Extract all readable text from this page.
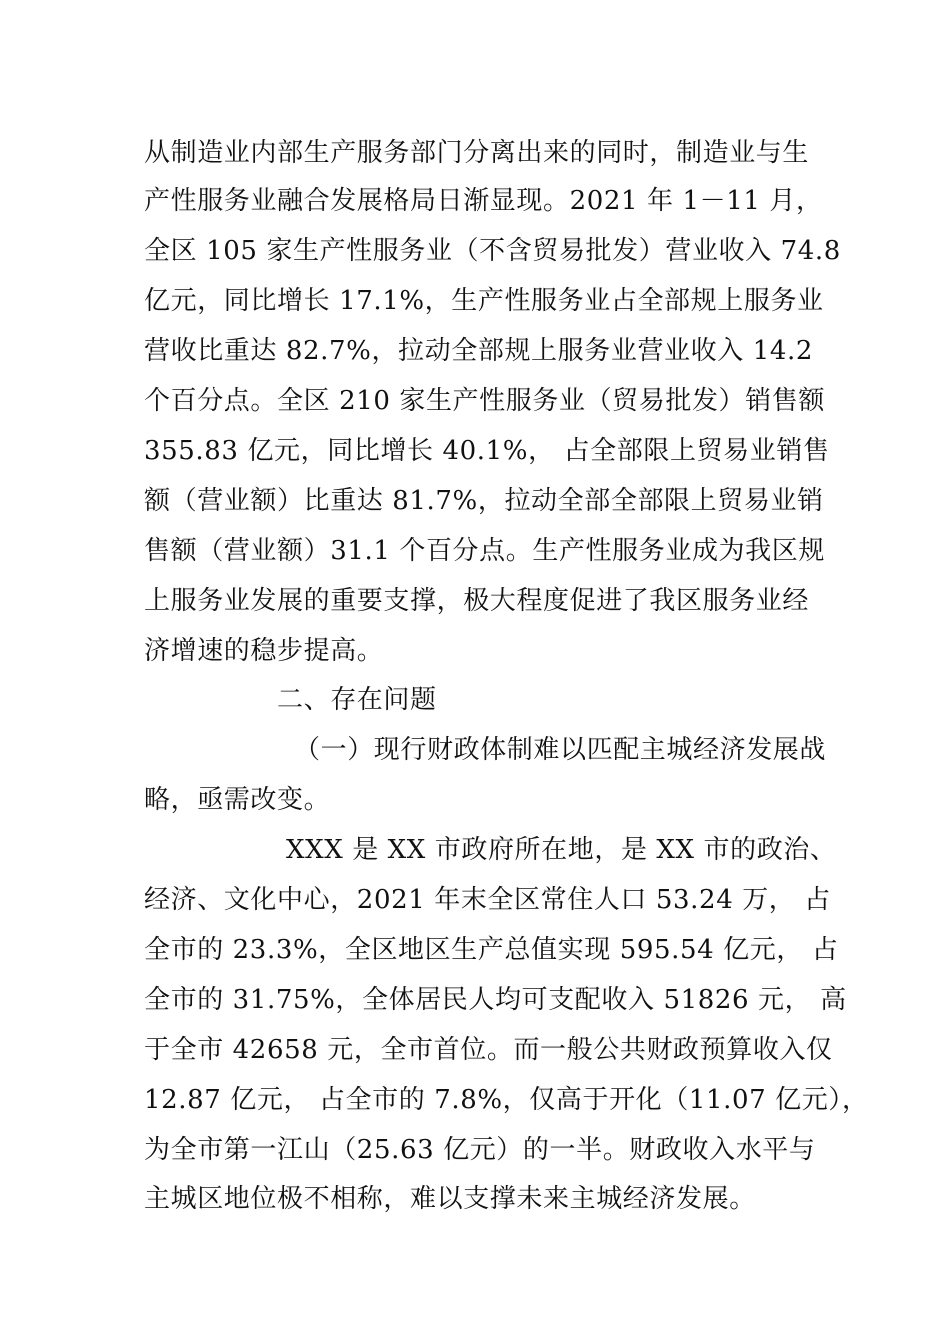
从制造业内部生产服务部门分离出来的同时，制造业与生
产性服务业融合发展格局日渐显现。2021 年 1－11 月，
全区 105 家生产性服务业（不含贸易批发）营业收入 74.8
亿元，同比增长 17.1%，生产性服务业占全部规上服务业
营收比重达 82.7%，拉动全部规上服务业营业收入 14.2
个百分点。全区 210 家生产性服务业（贸易批发）销售额
355.83 亿元，同比增长 40.1%， 占全部限上贸易业销售
额（营业额）比重达 81.7%，拉动全部全部限上贸易业销
售额（营业额）31.1 个百分点。生产性服务业成为我区规
上服务业发展的重要支撑，极大程度促进了我区服务业经
济增速的稳步提高。
二、存在问题
（一）现行财政体制难以匹配主城经济发展战
略，亟需改变。
XXX 是 XX 市政府所在地，是 XX 市的政治、
经济、文化中心，2021 年末全区常住人口 53.24 万， 占
全市的 23.3%，全区地区生产总值实现 595.54 亿元， 占
全市的 31.75%，全体居民人均可支配收入 51826 元， 高
于全市 42658 元，全市首位。而一般公共财政预算收入仅
12.87 亿元， 占全市的 7.8%，仅高于开化（11.07 亿元），
为全市第一江山（25.63 亿元）的一半。财政收入水平与
主城区地位极不相称，难以支撑未来主城经济发展。
